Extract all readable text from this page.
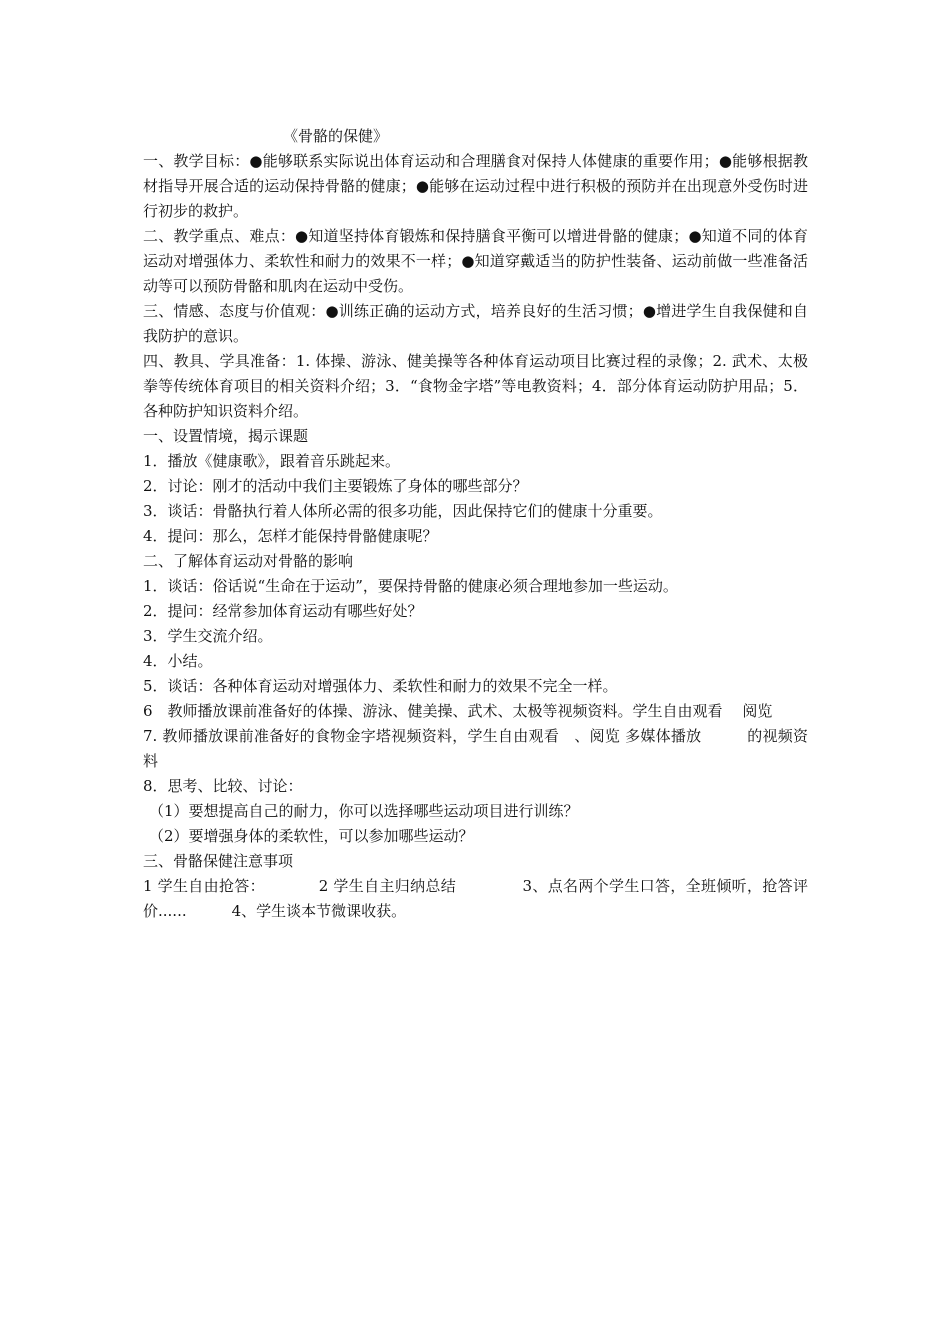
《骨骼的保健》
一、教学目标：●能够联系实际说出体育运动和合理膳食对保持人体健康的重要作用；●能够根据教材指导开展合适的运动保持骨骼的健康；●能够在运动过程中进行积极的预防并在出现意外受伤时进行初步的救护。
二、教学重点、难点：●知道坚持体育锻炼和保持膳食平衡可以增进骨骼的健康；●知道不同的体育运动对增强体力、柔软性和耐力的效果不一样；●知道穿戴适当的防护性装备、运动前做一些准备活动等可以预防骨骼和肌肉在运动中受伤。
三、情感、态度与价值观：●训练正确的运动方式，培养良好的生活习惯；●增进学生自我保健和自我防护的意识。
四、教具、学具准备：1. 体操、游泳、健美操等各种体育运动项目比赛过程的录像；2. 武术、太极拳等传统体育项目的相关资料介绍；3．“食物金字塔”等电教资料；4．部分体育运动防护用品；5．各种防护知识资料介绍。
一、设置情境，揭示课题
1．播放《健康歌》，跟着音乐跳起来。
2．讨论：刚才的活动中我们主要锻炼了身体的哪些部分？
3．谈话：骨骼执行着人体所必需的很多功能，因此保持它们的健康十分重要。
4．提问：那么，怎样才能保持骨骼健康呢？
二、了解体育运动对骨骼的影响
1．谈话：俗话说“生命在于运动”，要保持骨骼的健康必须合理地参加一些运动。
2．提问：经常参加体育运动有哪些好处？
3．学生交流介绍。
4．小结。
5．谈话：各种体育运动对增强体力、柔软性和耐力的效果不完全一样。
6　教师播放课前准备好的体操、游泳、健美操、武术、太极等视频资料。学生自由观看　 阅览
7. 教师播放课前准备好的食物金字塔视频资料，学生自由观看　、阅览 多媒体播放　　　的视频资料
8．思考、比较、讨论：
（1）要想提高自己的耐力，你可以选择哪些运动项目进行训练？
（2）要增强身体的柔软性，可以参加哪些运动？
三、骨骼保健注意事项
1 学生自由抢答：　　　　2 学生自主归纳总结　　　　 3、点名两个学生口答，全班倾听，抢答评价......　　　4、学生谈本节微课收获。
